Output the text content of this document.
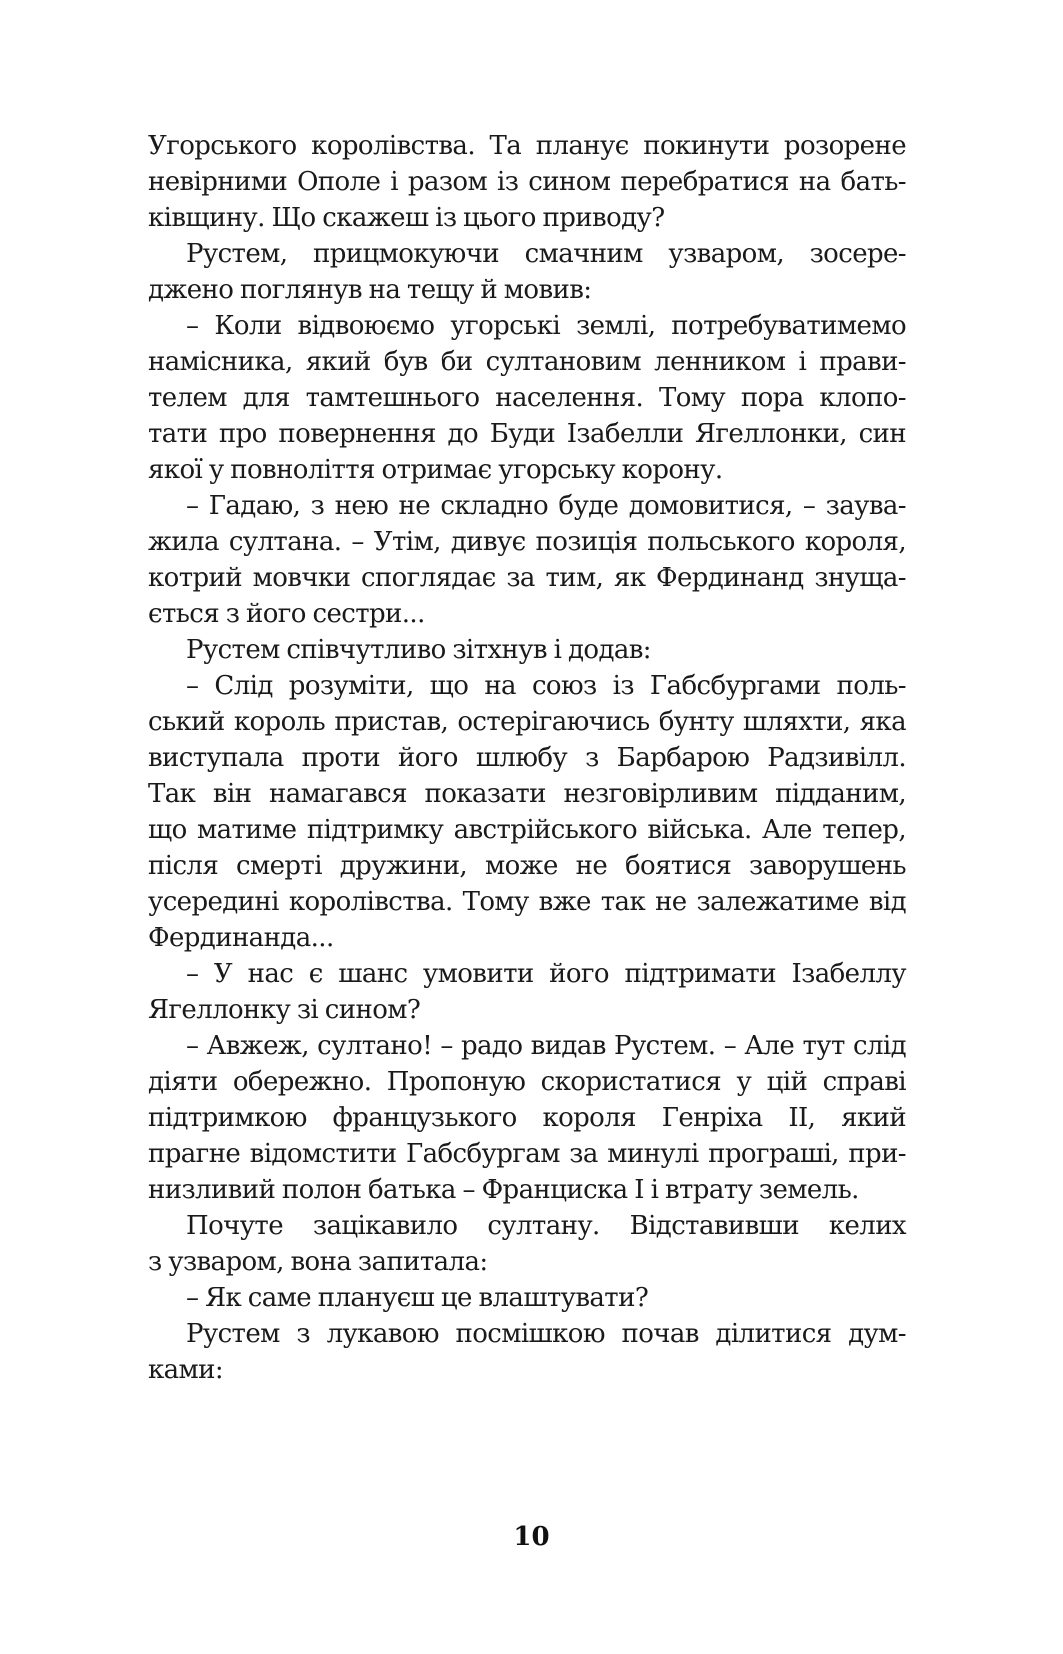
Угорського королівства. Та планує покинути розорене
невірними Ополе і разом із сином перебратися на бать-
ківщину. Що скажеш із цього приводу?
Рустем, прицмокуючи смачним узваром, зосере-
джено поглянув на тещу й мовив:
– Коли відвоюємо угорські землі, потребуватимемо
намісника, який був би султановим ленником і прави-
телем для тамтешнього населення. Тому пора клопо-
тати про повернення до Буди Ізабелли Ягеллонки, син
якої у повноліття отримає угорську корону.
– Гадаю, з нею не складно буде домовитися, – заува-
жила султана. – Утім, дивує позиція польського короля,
котрий мовчки споглядає за тим, як Фердинанд знуща-
ється з його сестри...
Рустем співчутливо зітхнув і додав:
– Слід розуміти, що на союз із Габсбургами поль-
ський король пристав, остерігаючись бунту шляхти, яка
виступала проти його шлюбу з Барбарою Радзивілл.
Так він намагався показати незговірливим підданим,
що матиме підтримку австрійського війська. Але тепер,
після смерті дружини, може не боятися заворушень
усередині королівства. Тому вже так не залежатиме від
Фердинанда...
– У нас є шанс умовити його підтримати Ізабеллу
Ягеллонку зі сином?
– Авжеж, султано! – радо видав Рустем. – Але тут слід
діяти обережно. Пропоную скористатися у цій справі
підтримкою французького короля Генріха II, який
прагне відомстити Габсбургам за минулі програші, при-
низливий полон батька – Франциска I і втрату земель.
Почуте зацікавило султану. Відставивши келих
з узваром, вона запитала:
– Як саме плануєш це влаштувати?
Рустем з лукавою посмішкою почав ділитися дум-
ками:
10
